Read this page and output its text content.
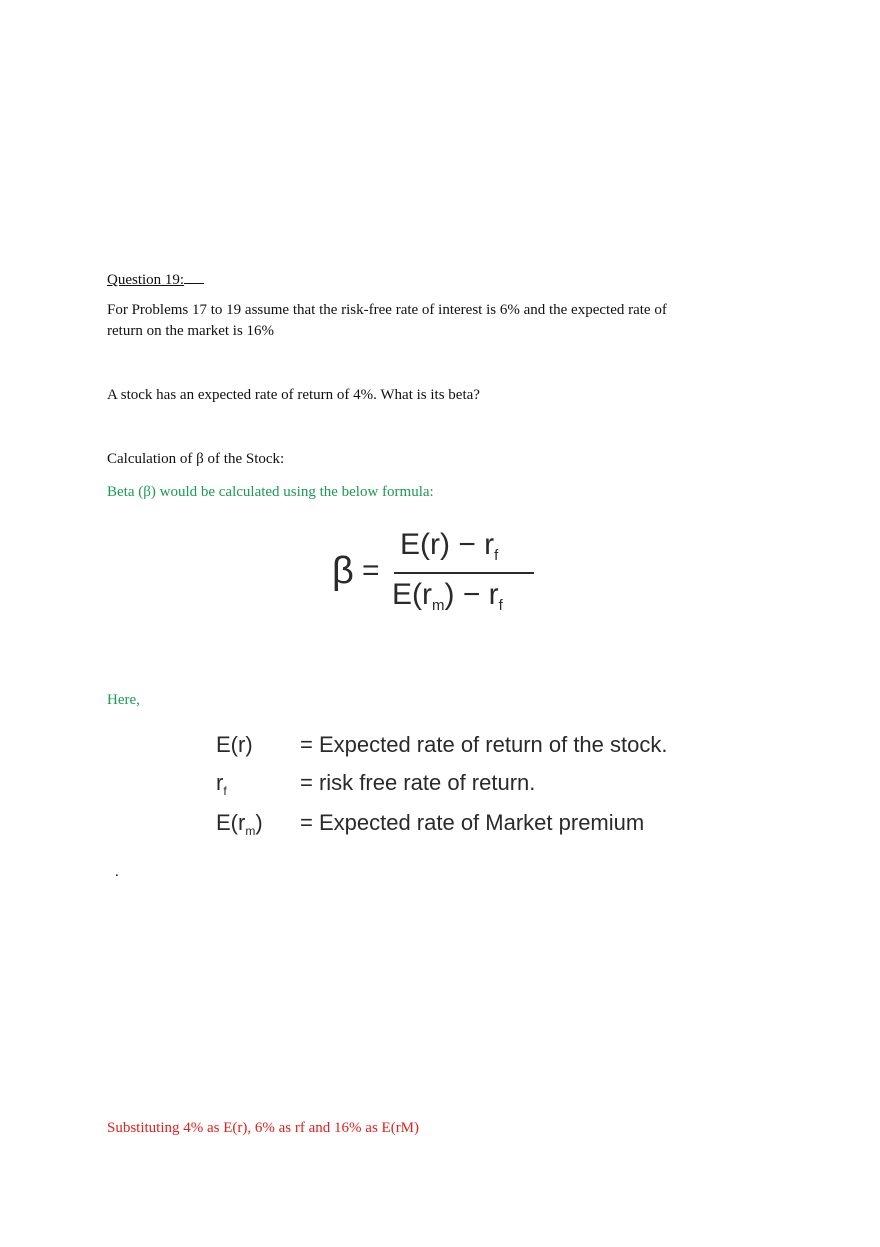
Question 19:
For Problems 17 to 19 assume that the risk-free rate of interest is 6% and the expected rate of return on the market is 16%
A stock has an expected rate of return of 4%. What is its beta?
Calculation of β of the Stock:
Beta (β) would be calculated using the below formula:
β =
$E(r) - r_f$
$E(r_m) - r_f$
Here,
E(r) = Expected rate of return of the stock.
$r_f$	= risk free rate of return.
$E(r_m)$ = Expected rate of Market premium
.
Substituting 4% as E(r), 6% as rf and 16% as E(rM)
